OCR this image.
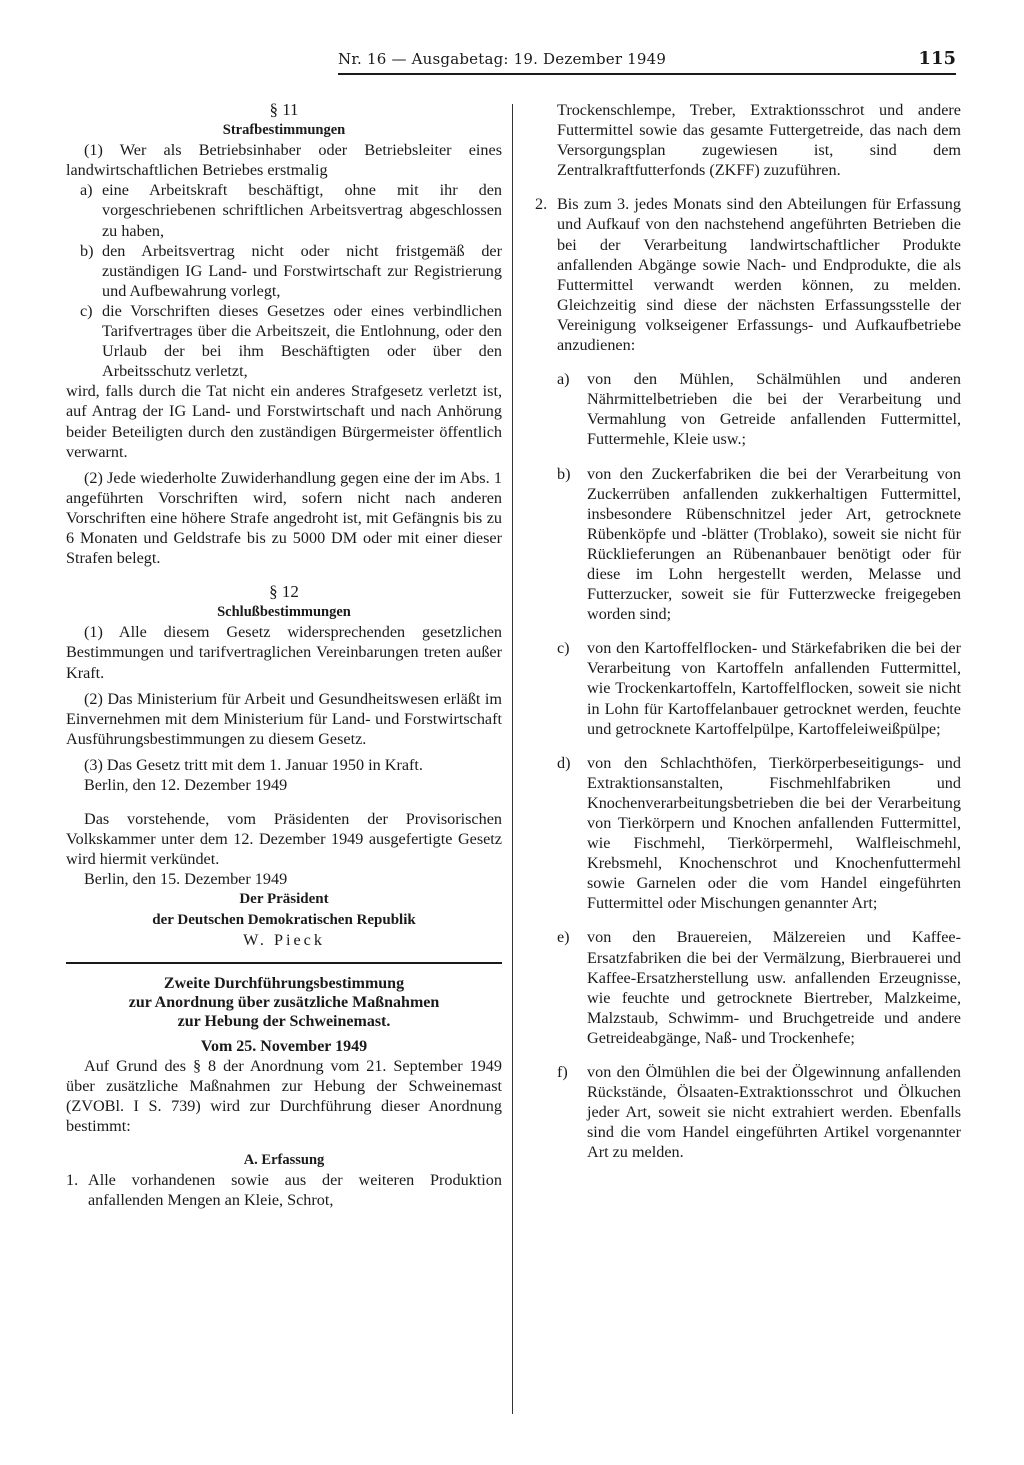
Nr. 16 — Ausgabetag: 19. Dezember 1949	115

§ 11

Strafbestimmungen

(1) Wer als Betriebsinhaber oder Betriebsleiter eines landwirtschaftlichen Betriebes erstmalig

a) eine Arbeitskraft beschäftigt, ohne mit ihr den vorgeschriebenen schriftlichen Arbeitsvertrag abgeschlossen zu haben,
b) den Arbeitsvertrag nicht oder nicht fristgemäß der zuständigen IG Land- und Forstwirtschaft zur Registrierung und Aufbewahrung vorlegt,
c) die Vorschriften dieses Gesetzes oder eines verbindlichen Tarifvertrages über die Arbeitszeit, die Entlohnung, oder den Urlaub der bei ihm Beschäftigten oder über den Arbeitsschutz verletzt,

wird, falls durch die Tat nicht ein anderes Strafgesetz verletzt ist, auf Antrag der IG Land- und Forstwirtschaft und nach Anhörung beider Beteiligten durch den zuständigen Bürgermeister öffentlich verwarnt.

(2) Jede wiederholte Zuwiderhandlung gegen eine der im Abs. 1 angeführten Vorschriften wird, sofern nicht nach anderen Vorschriften eine höhere Strafe angedroht ist, mit Gefängnis bis zu 6 Monaten und Geldstrafe bis zu 5000 DM oder mit einer dieser Strafen belegt.

§ 12

Schlußbestimmungen

(1) Alle diesem Gesetz widersprechenden gesetzlichen Bestimmungen und tarifvertraglichen Vereinbarungen treten außer Kraft.

(2) Das Ministerium für Arbeit und Gesundheitswesen erläßt im Einvernehmen mit dem Ministerium für Land- und Forstwirtschaft Ausführungsbestimmungen zu diesem Gesetz.

(3) Das Gesetz tritt mit dem 1. Januar 1950 in Kraft.

Berlin, den 12. Dezember 1949

Das vorstehende, vom Präsidenten der Provisorischen Volkskammer unter dem 12. Dezember 1949 ausgefertigte Gesetz wird hiermit verkündet.

Berlin, den 15. Dezember 1949

Der Präsident

der Deutschen Demokratischen Republik

W. Pieck

Zweite Durchführungsbestimmung

zur Anordnung über zusätzliche Maßnahmen

zur Hebung der Schweinemast.

Vom 25. November 1949

Auf Grund des § 8 der Anordnung vom 21. September 1949 über zusätzliche Maßnahmen zur Hebung der Schweinemast (ZVOBl. I S. 739) wird zur Durchführung dieser Anordnung bestimmt:

A. Erfassung

1. Alle vorhandenen sowie aus der weiteren Produktion anfallenden Mengen an Kleie, Schrot,

Trockenschlempe, Treber, Extraktionsschrot und andere Futtermittel sowie das gesamte Futtergetreide, das nach dem Versorgungsplan zugewiesen ist, sind dem Zentralkraftfutterfonds (ZKFF) zuzuführen.

2. Bis zum 3. jedes Monats sind den Abteilungen für Erfassung und Aufkauf von den nachstehend angeführten Betrieben die bei der Verarbeitung landwirtschaftlicher Produkte anfallenden Abgänge sowie Nach- und Endprodukte, die als Futtermittel verwandt werden können, zu melden. Gleichzeitig sind diese der nächsten Erfassungsstelle der Vereinigung volkseigener Erfassungs- und Aufkaufbetriebe anzudienen:
a)	von den Mühlen, Schälmühlen und anderen Nährmittelbetrieben die bei der Verarbeitung und Vermahlung von Getreide anfallenden Futtermittel, Futtermehle, Kleie usw.;
b)	von den Zuckerfabriken die bei der Verarbeitung von Zuckerrüben anfallenden zukkerhaltigen Futtermittel, insbesondere Rübenschnitzel jeder Art, getrocknete Rübenköpfe und -blätter (Troblako), soweit sie nicht für Rücklieferungen an Rübenanbauer benötigt oder für diese im Lohn hergestellt werden, Melasse und Futterzucker, soweit sie für Futterzwecke freigegeben worden sind;
c)	von den Kartoffelflocken- und Stärkefabriken die bei der Verarbeitung von Kartoffeln anfallenden Futtermittel, wie Trockenkartoffeln, Kartoffelflocken, soweit sie nicht in Lohn für Kartoffelanbauer getrocknet werden, feuchte und getrocknete Kartoffelpülpe, Kartoffeleiweißpülpe;
d)	von den Schlachthöfen, Tierkörperbeseitigungs- und Extraktionsanstalten, Fischmehlfabriken und Knochenverarbeitungsbetrieben die bei der Verarbeitung von Tierkörpern und Knochen anfallenden Futtermittel, wie Fischmehl, Tierkörpermehl, Walfleischmehl, Krebsmehl, Knochenschrot und Knochenfuttermehl sowie Garnelen oder die vom Handel eingeführten Futtermittel oder Mischungen genannter Art;
e)	von den Brauereien, Mälzereien und Kaffee-Ersatzfabriken die bei der Vermälzung, Bierbrauerei und Kaffee-Ersatzherstellung usw. anfallenden Erzeugnisse, wie feuchte und getrocknete Biertreber, Malzkeime, Malzstaub, Schwimm- und Bruchgetreide und andere Getreideabgänge, Naß- und Trockenhefe;
f)	von den Ölmühlen die bei der Ölgewinnung anfallenden Rückstände, Ölsaaten-Extraktionsschrot und Ölkuchen jeder Art, soweit sie nicht extrahiert werden. Ebenfalls sind die vom Handel eingeführten Artikel vorgenannter Art zu melden.
